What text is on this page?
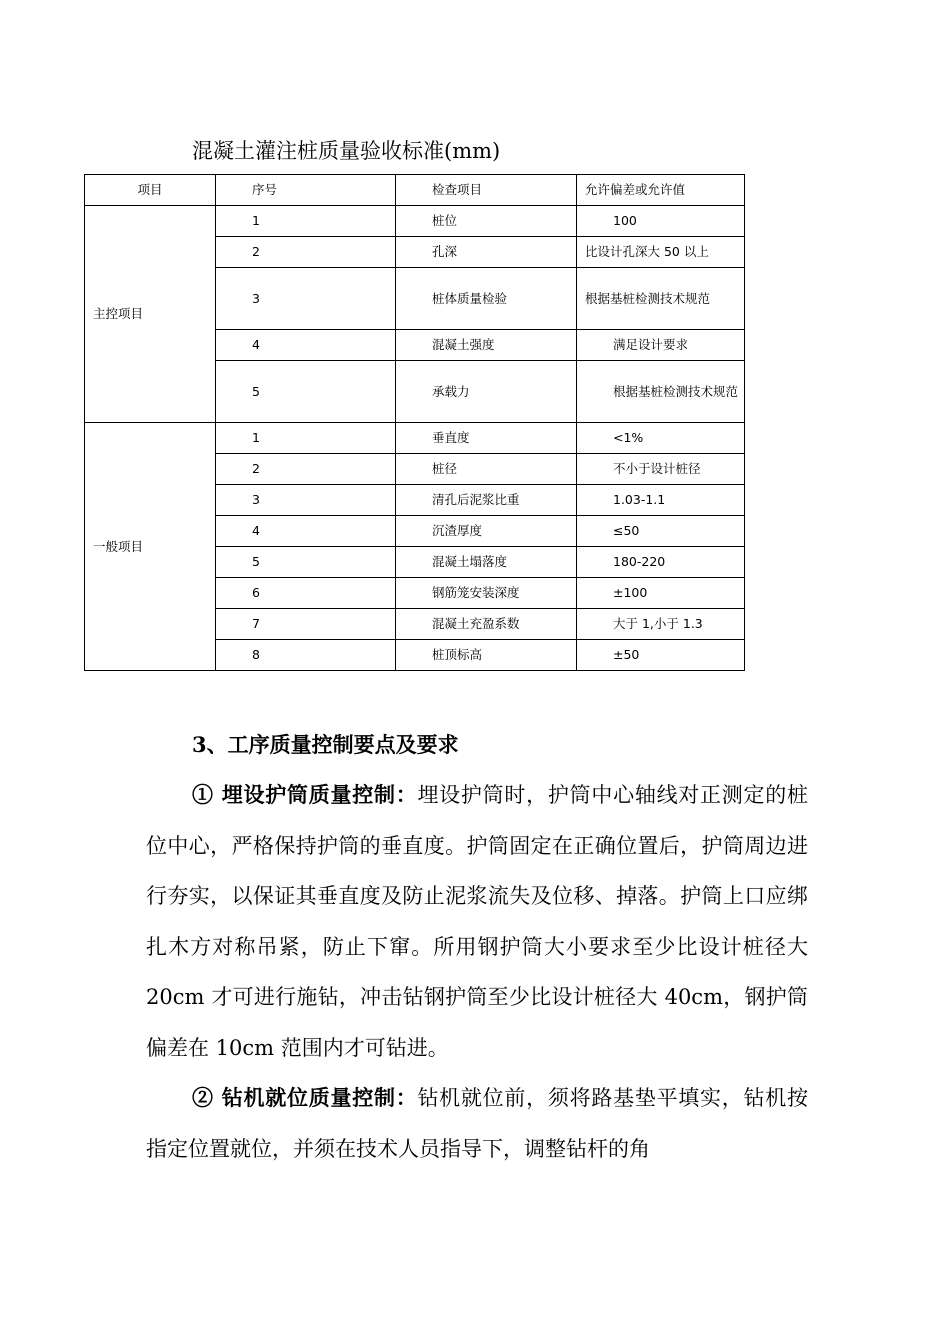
混凝土灌注桩质量验收标准(mm)
项目	序号	检查项目	允许偏差或允许值
主控项目	1	桩位	100
	2	孔深	比设计孔深大 50 以上
	3	桩体质量检验	根据基桩检测技术规范
	4	混凝土强度	满足设计要求
	5	承载力	根据基桩检测技术规范
一般项目	1	垂直度	<1%
	2	桩径	不小于设计桩径
	3	清孔后泥浆比重	1.03-1.1
	4	沉渣厚度	≤50
	5	混凝土塌落度	180-220
	6	钢筋笼安装深度	±100
	7	混凝土充盈系数	大于 1,小于 1.3
	8	桩顶标高	±50
3、工序质量控制要点及要求

① 埋设护筒质量控制：埋设护筒时，护筒中心轴线对正测定的桩位中心，严格保持护筒的垂直度。护筒固定在正确位置后，护筒周边进行夯实，以保证其垂直度及防止泥浆流失及位移、掉落。护筒上口应绑扎木方对称吊紧，防止下窜。所用钢护筒大小要求至少比设计桩径大 20cm 才可进行施钻，冲击钻钢护筒至少比设计桩径大 40cm，钢护筒偏差在 10cm 范围内才可钻进。

② 钻机就位质量控制：钻机就位前，须将路基垫平填实，钻机按指定位置就位，并须在技术人员指导下，调整钻杆的角
